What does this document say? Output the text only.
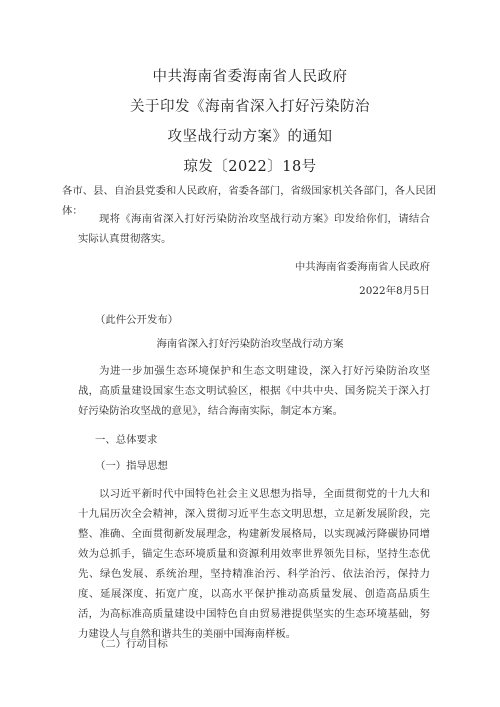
中共海南省委海南省人民政府
关于印发《海南省深入打好污染防治
攻坚战行动方案》的通知
琼发〔2022〕18号
各市、县、自治县党委和人民政府，省委各部门，省级国家机关各部门，各人民团体：
现将《海南省深入打好污染防治攻坚战行动方案》印发给你们，请结合实际认真贯彻落实。
中共海南省委海南省人民政府
2022年8月5日
（此件公开发布）
海南省深入打好污染防治攻坚战行动方案
为进一步加强生态环境保护和生态文明建设，深入打好污染防治攻坚战，高质量建设国家生态文明试验区，根据《中共中央、国务院关于深入打好污染防治攻坚战的意见》，结合海南实际，制定本方案。
一、总体要求
（一）指导思想
以习近平新时代中国特色社会主义思想为指导，全面贯彻党的十九大和十九届历次全会精神，深入贯彻习近平生态文明思想，立足新发展阶段，完整、准确、全面贯彻新发展理念，构建新发展格局，以实现减污降碳协同增效为总抓手，锚定生态环境质量和资源利用效率世界领先目标，坚持生态优先、绿色发展、系统治理，坚持精准治污、科学治污、依法治污，保持力度、延展深度、拓宽广度，以高水平保护推动高质量发展、创造高品质生活，为高标准高质量建设中国特色自由贸易港提供坚实的生态环境基础，努力建设人与自然和谐共生的美丽中国海南样板。
（二）行动目标
